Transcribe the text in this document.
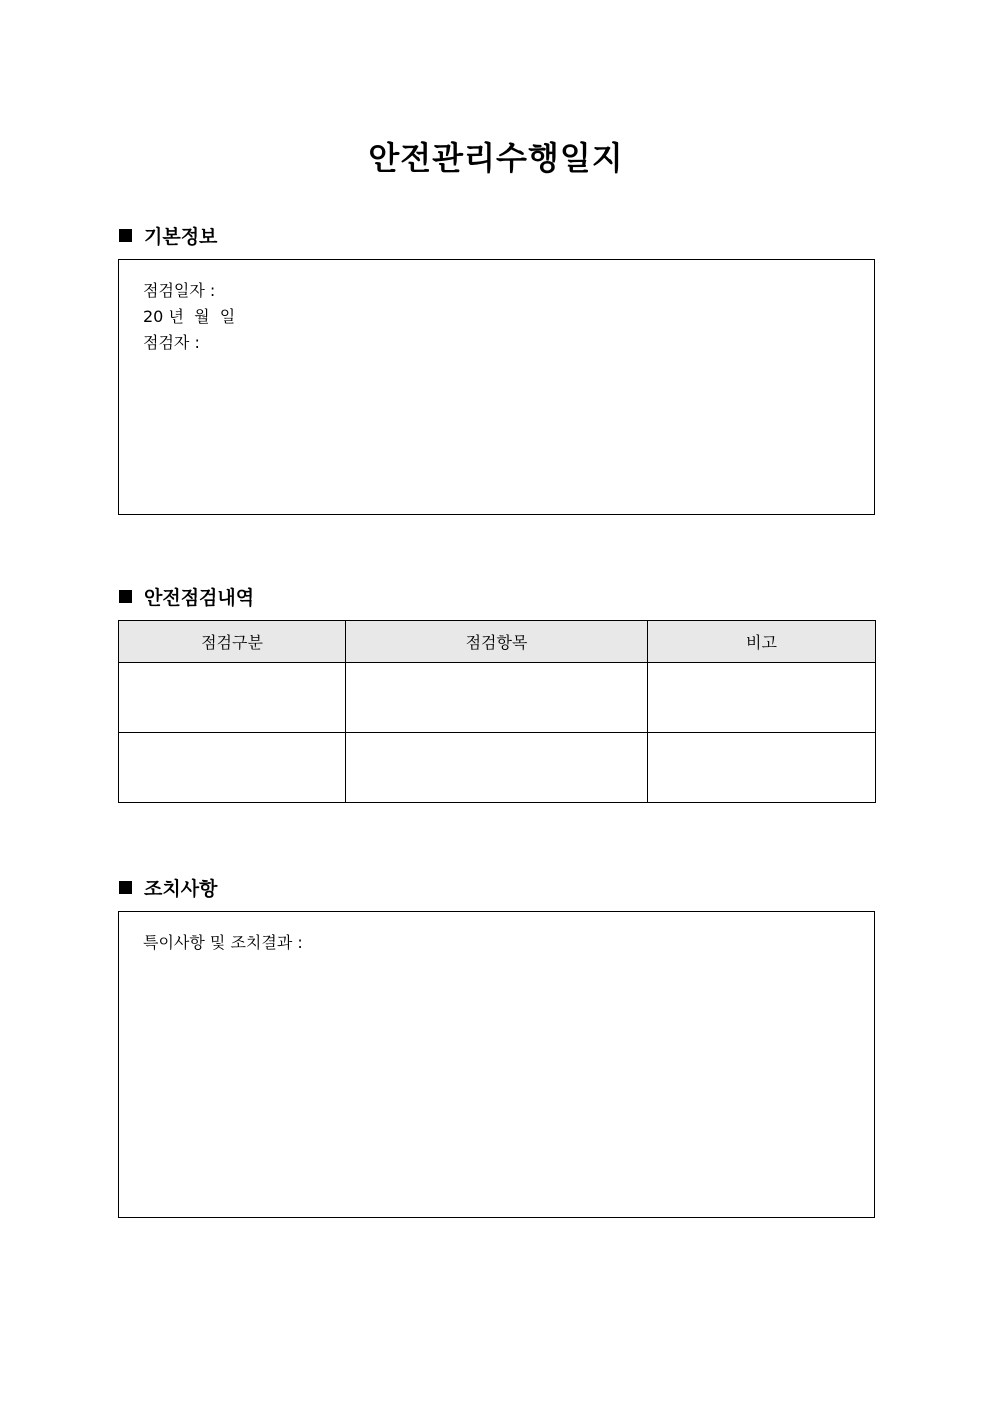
안전관리수행일지
기본정보
점검일자 :
20 년  월  일
점검자 :
안전점검내역
점검구분	점검항목	비고

조치사항
특이사항 및 조치결과 :
